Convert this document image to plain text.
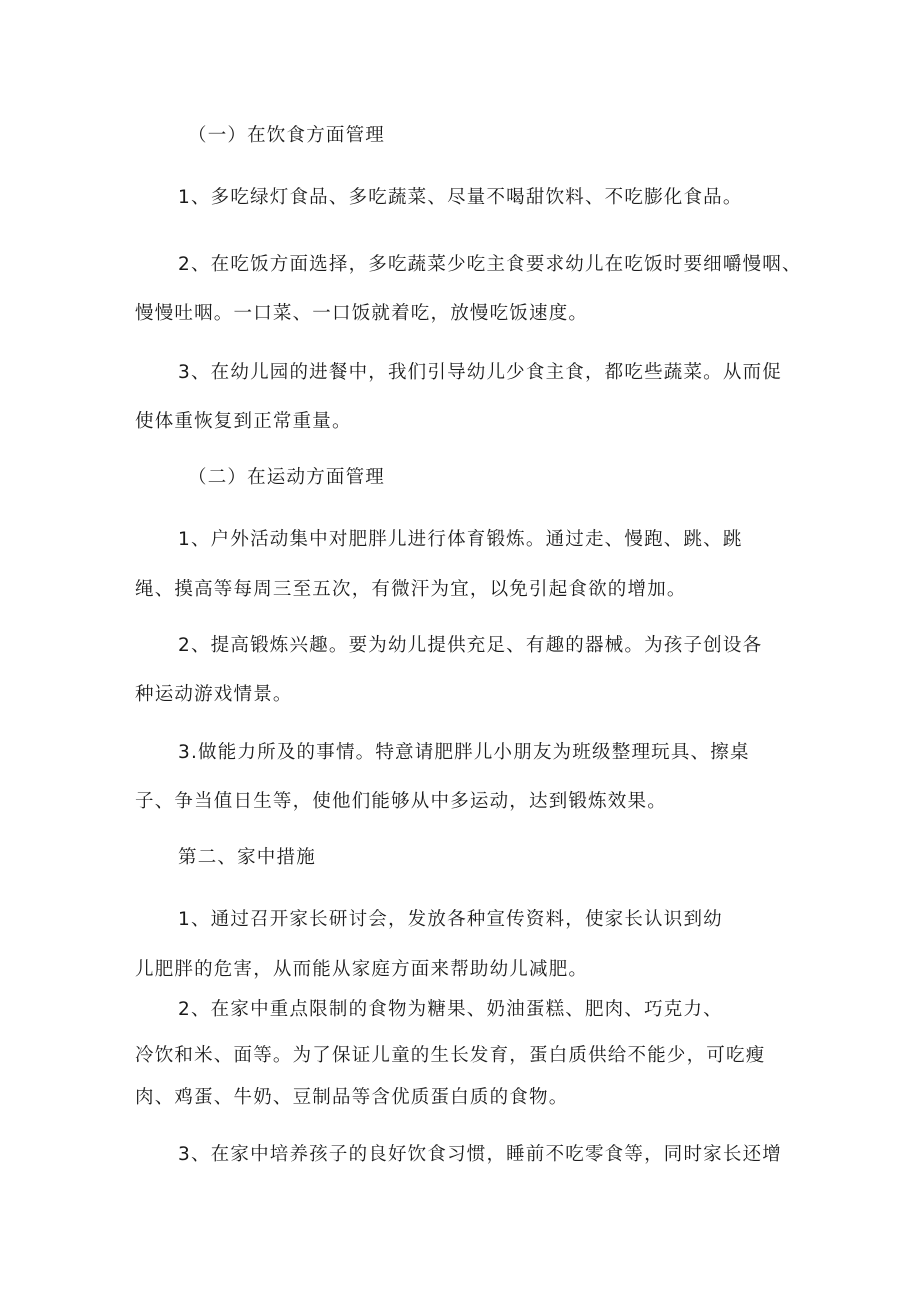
（一）在饮食方面管理
1、多吃绿灯食品、多吃蔬菜、尽量不喝甜饮料、不吃膨化食品。
2、在吃饭方面选择，多吃蔬菜少吃主食要求幼儿在吃饭时要细嚼慢咽、
慢慢吐咽。一口菜、一口饭就着吃，放慢吃饭速度。
3、在幼儿园的进餐中，我们引导幼儿少食主食，都吃些蔬菜。从而促
使体重恢复到正常重量。
（二）在运动方面管理
1、户外活动集中对肥胖儿进行体育锻炼。通过走、慢跑、跳、跳
绳、摸高等每周三至五次，有微汗为宜，以免引起食欲的增加。
2、提高锻炼兴趣。要为幼儿提供充足、有趣的器械。为孩子创设各
种运动游戏情景。
3.做能力所及的事情。特意请肥胖儿小朋友为班级整理玩具、擦桌
子、争当值日生等，使他们能够从中多运动，达到锻炼效果。
第二、家中措施
1、通过召开家长研讨会，发放各种宣传资料，使家长认识到幼
儿肥胖的危害，从而能从家庭方面来帮助幼儿减肥。
2、在家中重点限制的食物为糖果、奶油蛋糕、肥肉、巧克力、
冷饮和米、面等。为了保证儿童的生长发育，蛋白质供给不能少，可吃瘦
肉、鸡蛋、牛奶、豆制品等含优质蛋白质的食物。
3、在家中培养孩子的良好饮食习惯，睡前不吃零食等，同时家长还增
